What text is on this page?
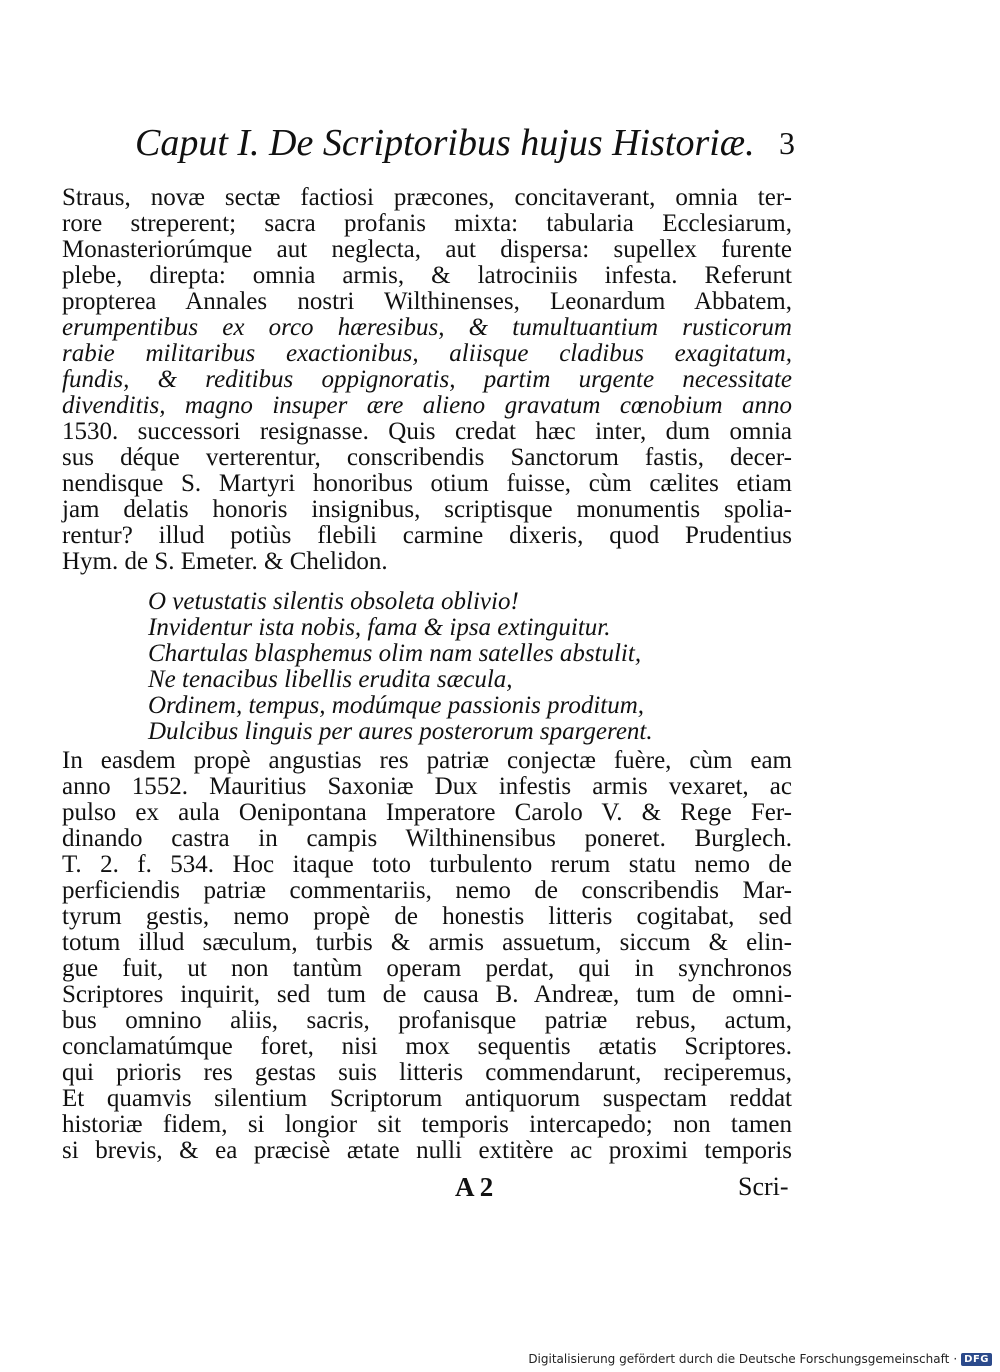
Caput I. De Scriptoribus hujus Historiæ. 3
Straus, novæ sectæ factiosi præcones, concitaverant, omnia ter-
rore streperent; sacra profanis mixta: tabularia Ecclesiarum,
Monasteriorúmque aut neglecta, aut dispersa: supellex furente
plebe, direpta: omnia armis, & latrociniis infesta. Referunt
propterea Annales nostri Wilthinenses, Leonardum Abbatem,
erumpentibus ex orco hæresibus, & tumultuantium rusticorum
rabie militaribus exactionibus, aliisque cladibus exagitatum,
fundis, & reditibus oppignoratis, partim urgente necessitate
divenditis, magno insuper ære alieno gravatum cœnobium anno
1530. successori resignasse. Quis credat hæc inter, dum omnia
sus déque verterentur, conscribendis Sanctorum fastis, decer-
nendisque S. Martyri honoribus otium fuisse, cùm cælites etiam
jam delatis honoris insignibus, scriptisque monumentis spolia-
rentur? illud potiùs flebili carmine dixeris, quod Prudentius
Hym. de S. Emeter. & Chelidon.
O vetustatis silentis obsoleta oblivio!
Invidentur ista nobis, fama & ipsa extinguitur.
Chartulas blasphemus olim nam satelles abstulit,
Ne tenacibus libellis erudita sæcula,
Ordinem, tempus, modúmque passionis proditum,
Dulcibus linguis per aures posterorum spargerent.
In easdem propè angustias res patriæ conjectæ fuère, cùm eam
anno 1552. Mauritius Saxoniæ Dux infestis armis vexaret, ac
pulso ex aula Oenipontana Imperatore Carolo V. & Rege Fer-
dinando castra in campis Wilthinensibus poneret. Burglech.
T. 2. f. 534. Hoc itaque toto turbulento rerum statu nemo de
perficiendis patriæ commentariis, nemo de conscribendis Mar-
tyrum gestis, nemo propè de honestis litteris cogitabat, sed
totum illud sæculum, turbis & armis assuetum, siccum & elin-
gue fuit, ut non tantùm operam perdat, qui in synchronos
Scriptores inquirit, sed tum de causa B. Andreæ, tum de omni-
bus omnino aliis, sacris, profanisque patriæ rebus, actum,
conclamatúmque foret, nisi mox sequentis ætatis Scriptores.
qui prioris res gestas suis litteris commendarunt, reciperemus,
Et quamvis silentium Scriptorum antiquorum suspectam reddat
historiæ fidem, si longior sit temporis intercapedo; non tamen
si brevis, & ea præcisè ætate nulli extitère ac proximi temporis
A 2	Scri-
Digitalisierung gefördert durch die Deutsche Forschungsgemeinschaft · DFG
